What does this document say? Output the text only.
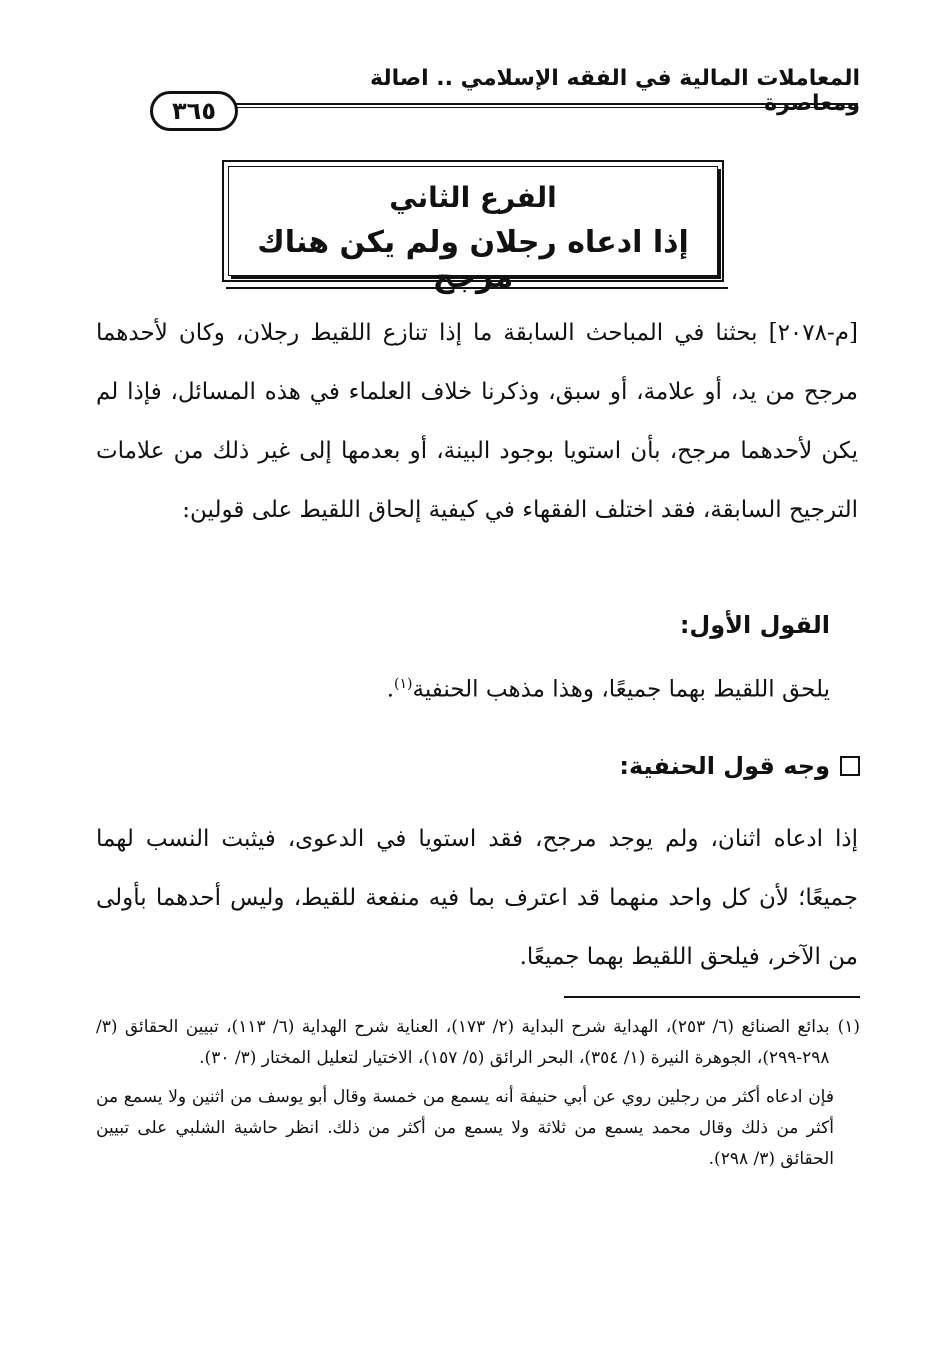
المعاملات المالية في الفقه الإسلامي .. اصالة ومعاصرة
٣٦٥
الفرع الثاني
إذا ادعاه رجلان ولم يكن هناك مرجح
[م-٢٠٧٨] بحثنا في المباحث السابقة ما إذا تنازع اللقيط رجلان، وكان لأحدهما مرجح من يد، أو علامة، أو سبق، وذكرنا خلاف العلماء في هذه المسائل، فإذا لم يكن لأحدهما مرجح، بأن استويا بوجود البينة، أو بعدمها إلى غير ذلك من علامات الترجيح السابقة، فقد اختلف الفقهاء في كيفية إلحاق اللقيط على قولين:
القول الأول:
يلحق اللقيط بهما جميعًا، وهذا مذهب الحنفية$^{(١)}$.
وجه قول الحنفية:
إذا ادعاه اثنان، ولم يوجد مرجح، فقد استويا في الدعوى، فيثبت النسب لهما جميعًا؛ لأن كل واحد منهما قد اعترف بما فيه منفعة للقيط، وليس أحدهما بأولى من الآخر، فيلحق اللقيط بهما جميعًا.
(١)
بدائع الصنائع (٦/ ٢٥٣)، الهداية شرح البداية (٢/ ١٧٣)، العناية شرح الهداية (٦/ ١١٣)، تبيين الحقائق (٣/ ٢٩٨-٢٩٩)، الجوهرة النيرة (١/ ٣٥٤)، البحر الرائق (٥/ ١٥٧)، الاختيار لتعليل المختار (٣/ ٣٠).
فإن ادعاه أكثر من رجلين روي عن أبي حنيفة أنه يسمع من خمسة وقال أبو يوسف من اثنين ولا يسمع من أكثر من ذلك وقال محمد يسمع من ثلاثة ولا يسمع من أكثر من ذلك. انظر حاشية الشلبي على تبيين الحقائق (٣/ ٢٩٨).
